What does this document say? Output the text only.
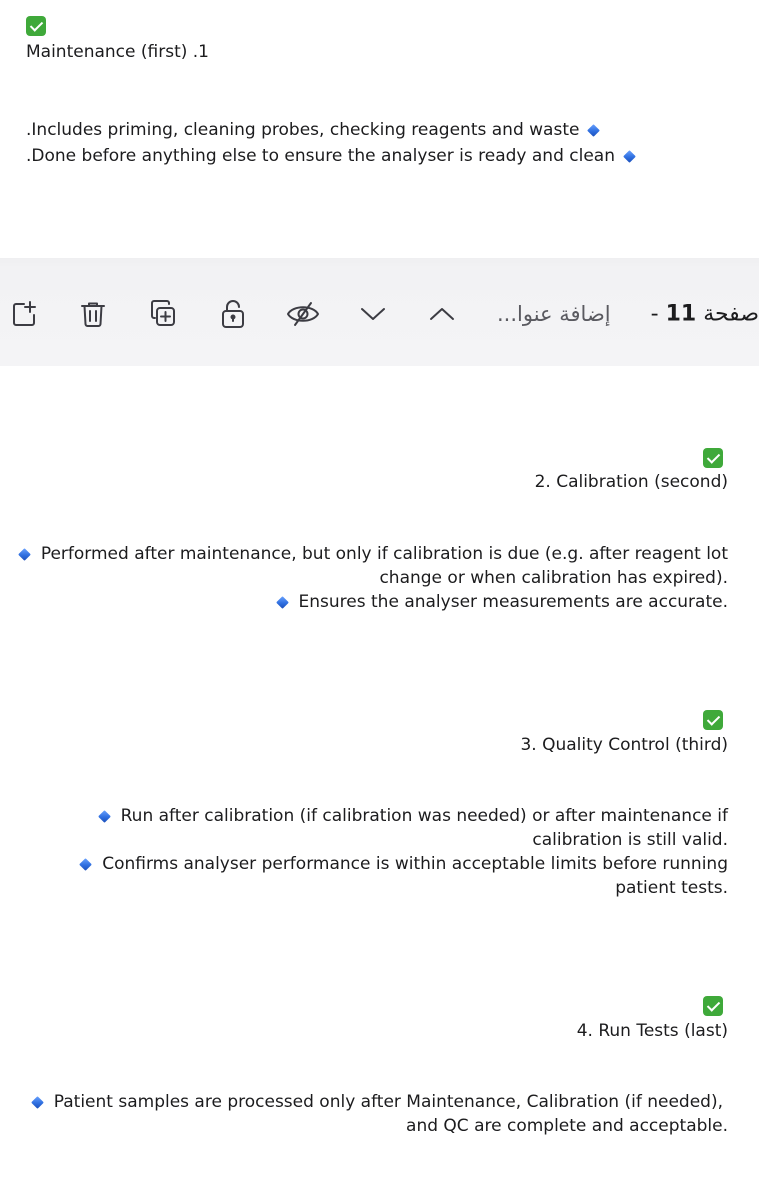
Maintenance (first) .1
.Includes priming, cleaning probes, checking reagents and waste
.Done before anything else to ensure the analyser is ready and clean
إضافة عنوا...	صفحة 11 -
2. Calibration (second)
Performed after maintenance, but only if calibration is due (e.g. after reagent lot
change or when calibration has expired).
Ensures the analyser measurements are accurate.
3. Quality Control (third)
Run after calibration (if calibration was needed) or after maintenance if
calibration is still valid.
Confirms analyser performance is within acceptable limits before running
patient tests.
4. Run Tests (last)
Patient samples are processed only after Maintenance, Calibration (if needed),
and QC are complete and acceptable.
